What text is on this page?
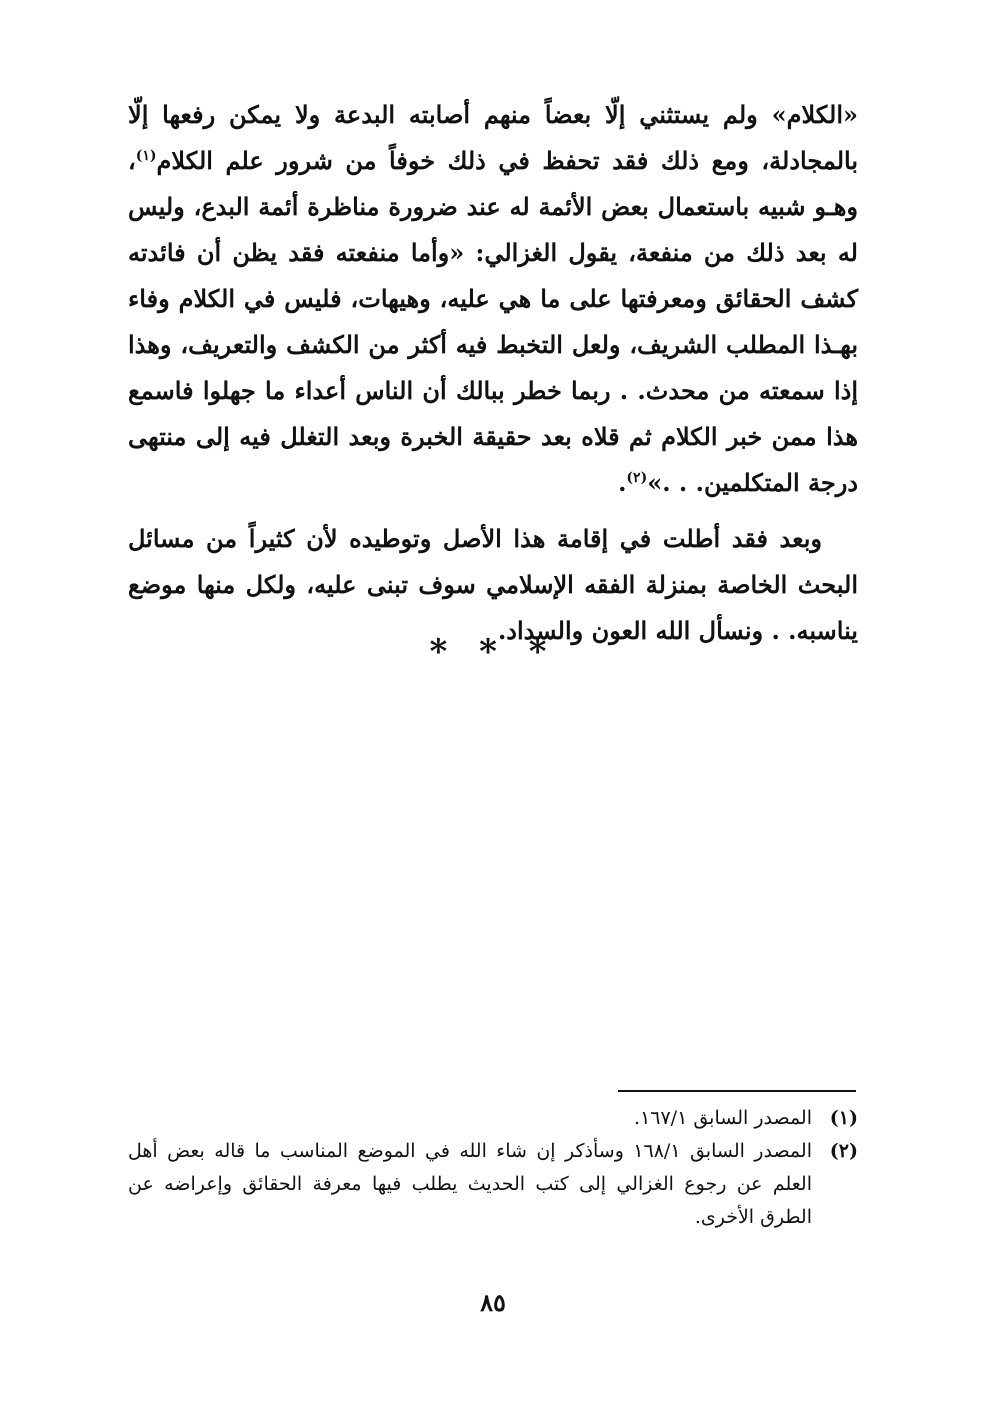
«الكلام» ولم يستثني إلّا بعضاً منهم أصابته البدعة ولا يمكن رفعها إلّا بالمجادلة، ومع ذلك فقد تحفظ في ذلك خوفاً من شرور علم الكلام$^{(١)}$، وهـو شبيه باستعمال بعض الأئمة له عند ضرورة مناظرة أئمة البدع، وليس له بعد ذلك من منفعة، يقول الغزالي: «وأما منفعته فقد يظن أن فائدته كشف الحقائق ومعرفتها على ما هي عليه، وهيهات، فليس في الكلام وفاء بهـذا المطلب الشريف، ولعل التخبط فيه أكثر من الكشف والتعريف، وهذا إذا سمعته من محدث. . ربما خطر ببالك أن الناس أعداء ما جهلوا فاسمع هذا ممن خبر الكلام ثم قلاه بعد حقيقة الخبرة وبعد التغلل فيه إلى منتهى درجة المتكلمين. . .»$^{(٢)}$.

وبعد فقد أطلت في إقامة هذا الأصل وتوطيده لأن كثيراً من مسائل البحث الخاصة بمنزلة الفقه الإسلامي سوف تبنى عليه، ولكل منها موضع يناسبه. . ونسأل الله العون والسداد.

* * *
(١)
المصدر السابق ١٦٧/١.
(٢)
المصدر السابق ١٦٨/١ وسأذكر إن شاء الله في الموضع المناسب ما قاله بعض أهل العلم عن رجوع الغزالي إلى كتب الحديث يطلب فيها معرفة الحقائق وإعراضه عن الطرق الأخرى.
٨٥
